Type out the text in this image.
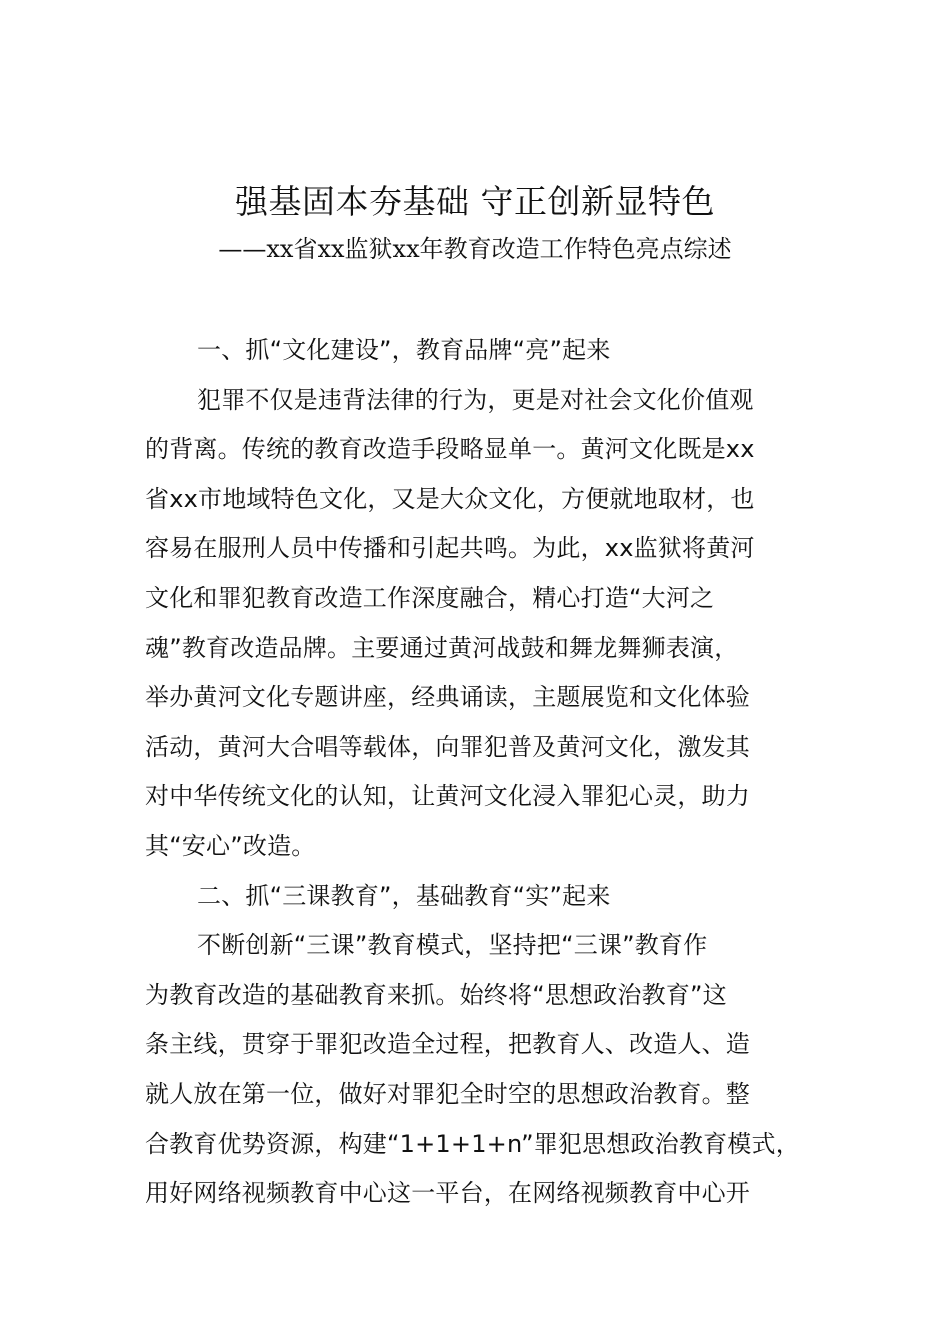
强基固本夯基础 守正创新显特色
——xx省xx监狱xx年教育改造工作特色亮点综述
一、抓“文化建设”，教育品牌“亮”起来
犯罪不仅是违背法律的行为，更是对社会文化价值观
的背离。传统的教育改造手段略显单一。黄河文化既是xx
省xx市地域特色文化，又是大众文化，方便就地取材，也
容易在服刑人员中传播和引起共鸣。为此，xx监狱将黄河
文化和罪犯教育改造工作深度融合，精心打造“大河之
魂”教育改造品牌。主要通过黄河战鼓和舞龙舞狮表演，
举办黄河文化专题讲座，经典诵读，主题展览和文化体验
活动，黄河大合唱等载体，向罪犯普及黄河文化，激发其
对中华传统文化的认知，让黄河文化浸入罪犯心灵，助力
其“安心”改造。
二、抓“三课教育”，基础教育“实”起来
不断创新“三课”教育模式，坚持把“三课”教育作
为教育改造的基础教育来抓。始终将“思想政治教育”这
条主线，贯穿于罪犯改造全过程，把教育人、改造人、造
就人放在第一位，做好对罪犯全时空的思想政治教育。整
合教育优势资源，构建“1+1+1+n”罪犯思想政治教育模式，
用好网络视频教育中心这一平台，在网络视频教育中心开
